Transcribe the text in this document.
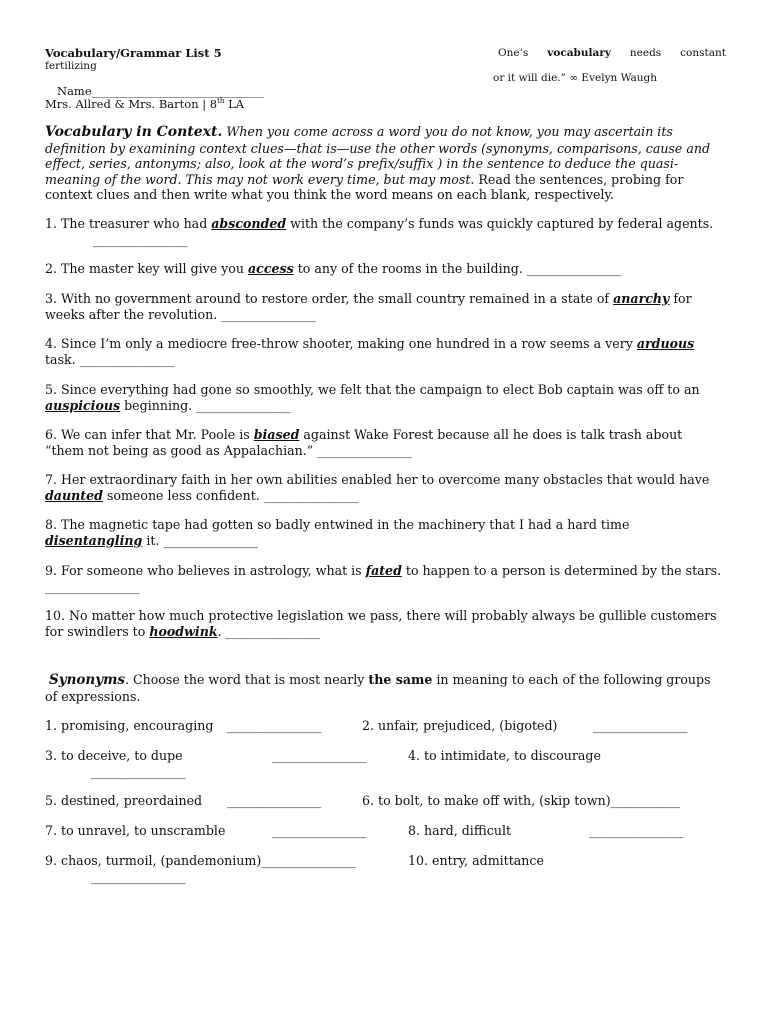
Vocabulary/Grammar List 5	One’s vocabulary needs constant
fertilizing
or it will die.” ∞ Evelyn Waugh
Name______________________________
Mrs. Allred & Mrs. Barton | 8th LA
Vocabulary in Context. When you come across a word you do not know, you may ascertain its definition by examining context clues—that is—use the other words (synonyms, comparisons, cause and effect, series, antonyms; also, look at the word’s prefix/suffix ) in the sentence to deduce the quasi-meaning of the word. This may not work every time, but may most. Read the sentences, probing for context clues and then write what you think the word means on each blank, respectively.
1. The treasurer who had absconded with the company’s funds was quickly captured by federal agents.
_______________
2. The master key will give you access to any of the rooms in the building. _______________
3. With no government around to restore order, the small country remained in a state of anarchy for weeks after the revolution. _______________
4. Since I’m only a mediocre free-throw shooter, making one hundred in a row seems a very arduous task. _______________
5. Since everything had gone so smoothly, we felt that the campaign to elect Bob captain was off to an auspicious beginning. _______________
6. We can infer that Mr. Poole is biased against Wake Forest because all he does is talk trash about “them not being as good as Appalachian.” _______________
7. Her extraordinary faith in her own abilities enabled her to overcome many obstacles that would have daunted someone less confident. _______________
8. The magnetic tape had gotten so badly entwined in the machinery that I had a hard time disentangling it. _______________
9. For someone who believes in astrology, what is fated to happen to a person is determined by the stars. _______________
10. No matter how much protective legislation we pass, there will probably always be gullible customers for swindlers to hoodwink. _______________
Synonyms. Choose the word that is most nearly the same in meaning to each of the following groups of expressions.
1. promising, encouraging _______________	2. unfair, prejudiced, (bigoted)	_______________
3. to deceive, to dupe	_______________	4. to intimidate, to discourage
_______________
5. destined, preordained _______________	6. to bolt, to make off with, (skip town)___________
7. to unravel, to unscramble	_______________	8. hard, difficult	_______________
9. chaos, turmoil, (pandemonium)_______________	10. entry, admittance
_______________
